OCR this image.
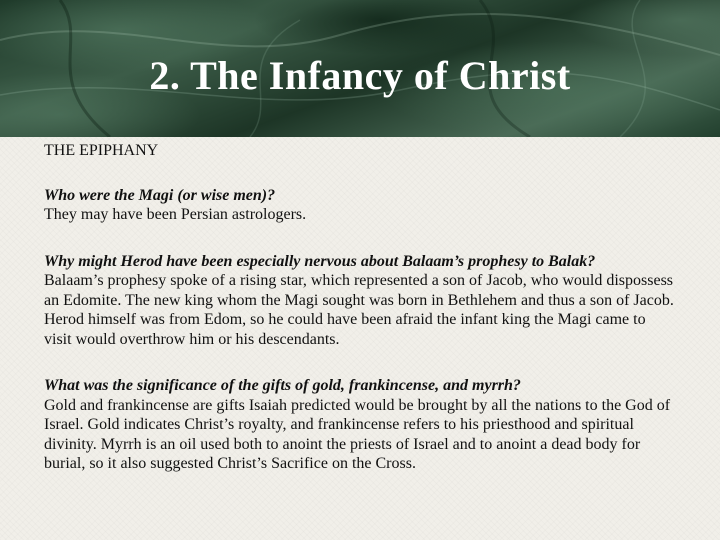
2. The Infancy of Christ

THE EPIPHANY

Who were the Magi (or wise men)?

They may have been Persian astrologers.

Why might Herod have been especially nervous about Balaam’s prophesy to Balak?

Balaam’s prophesy spoke of a rising star, which represented a son of Jacob, who would dispossess an Edomite. The new king whom the Magi sought was born in Bethlehem and thus a son of Jacob. Herod himself was from Edom, so he could have been afraid the infant king the Magi came to visit would overthrow him or his descendants.

What was the significance of the gifts of gold, frankincense, and myrrh?

Gold and frankincense are gifts Isaiah predicted would be brought by all the nations to the God of Israel. Gold indicates Christ’s royalty, and frankincense refers to his priesthood and spiritual divinity. Myrrh is an oil used both to anoint the priests of Israel and to anoint a dead body for burial, so it also suggested Christ’s Sacrifice on the Cross.
